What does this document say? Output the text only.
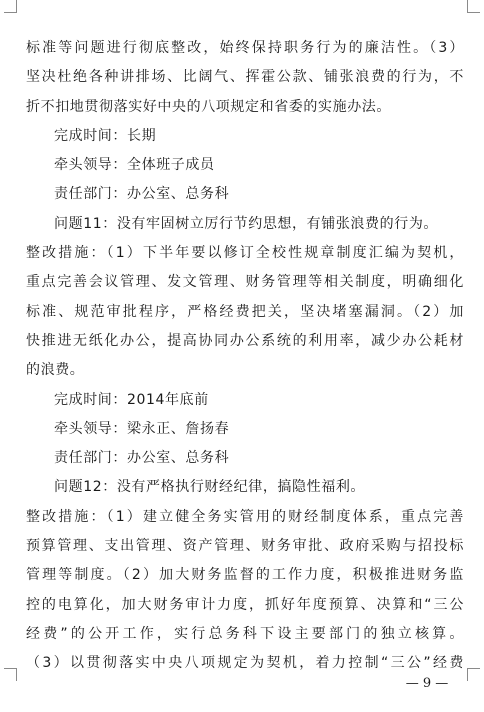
标准等问题进行彻底整改，始终保持职务行为的廉洁性。（3）

坚决杜绝各种讲排场、比阔气、挥霍公款、铺张浪费的行为，不

折不扣地贯彻落实好中央的八项规定和省委的实施办法。

完成时间：长期

牵头领导：全体班子成员

责任部门：办公室、总务科

问题11：没有牢固树立厉行节约思想，有铺张浪费的行为。

整改措施：（1）下半年要以修订全校性规章制度汇编为契机，

重点完善会议管理、发文管理、财务管理等相关制度，明确细化

标准、规范审批程序，严格经费把关，坚决堵塞漏洞。（2）加

快推进无纸化办公，提高协同办公系统的利用率，减少办公耗材

的浪费。

完成时间：2014年底前

牵头领导：梁永正、詹扬春

责任部门：办公室、总务科

问题12：没有严格执行财经纪律，搞隐性福利。

整改措施：（1）建立健全务实管用的财经制度体系，重点完善

预算管理、支出管理、资产管理、财务审批、政府采购与招投标

管理等制度。（2）加大财务监督的工作力度，积极推进财务监

控的电算化，加大财务审计力度，抓好年度预算、决算和“三公

经费”的公开工作，实行总务科下设主要部门的独立核算。

（3）以贯彻落实中央八项规定为契机，着力控制“三公”经费

— 9 —
